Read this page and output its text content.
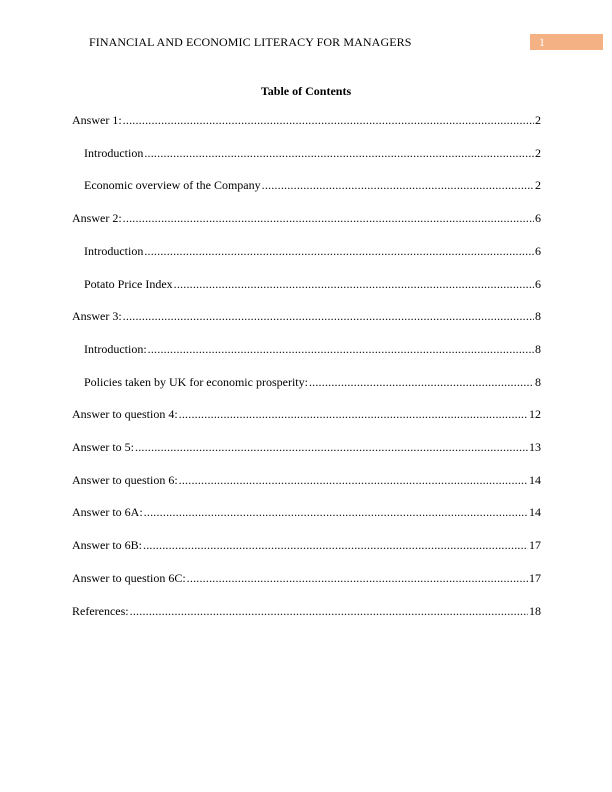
FINANCIAL AND ECONOMIC LITERACY FOR MANAGERS	1
Table of Contents
Answer 1: .....	2
Introduction .....	2
Economic overview of the Company .....	2
Answer 2: .....	6
Introduction .....	6
Potato Price Index .....	6
Answer 3: .....	8
Introduction: .....	8
Policies taken by UK for economic prosperity: .....	8
Answer to question 4: .....	12
Answer to 5: .....	13
Answer to question 6: .....	14
Answer to 6A: .....	14
Answer to 6B: .....	17
Answer to question 6C: .....	17
References: .....	18
